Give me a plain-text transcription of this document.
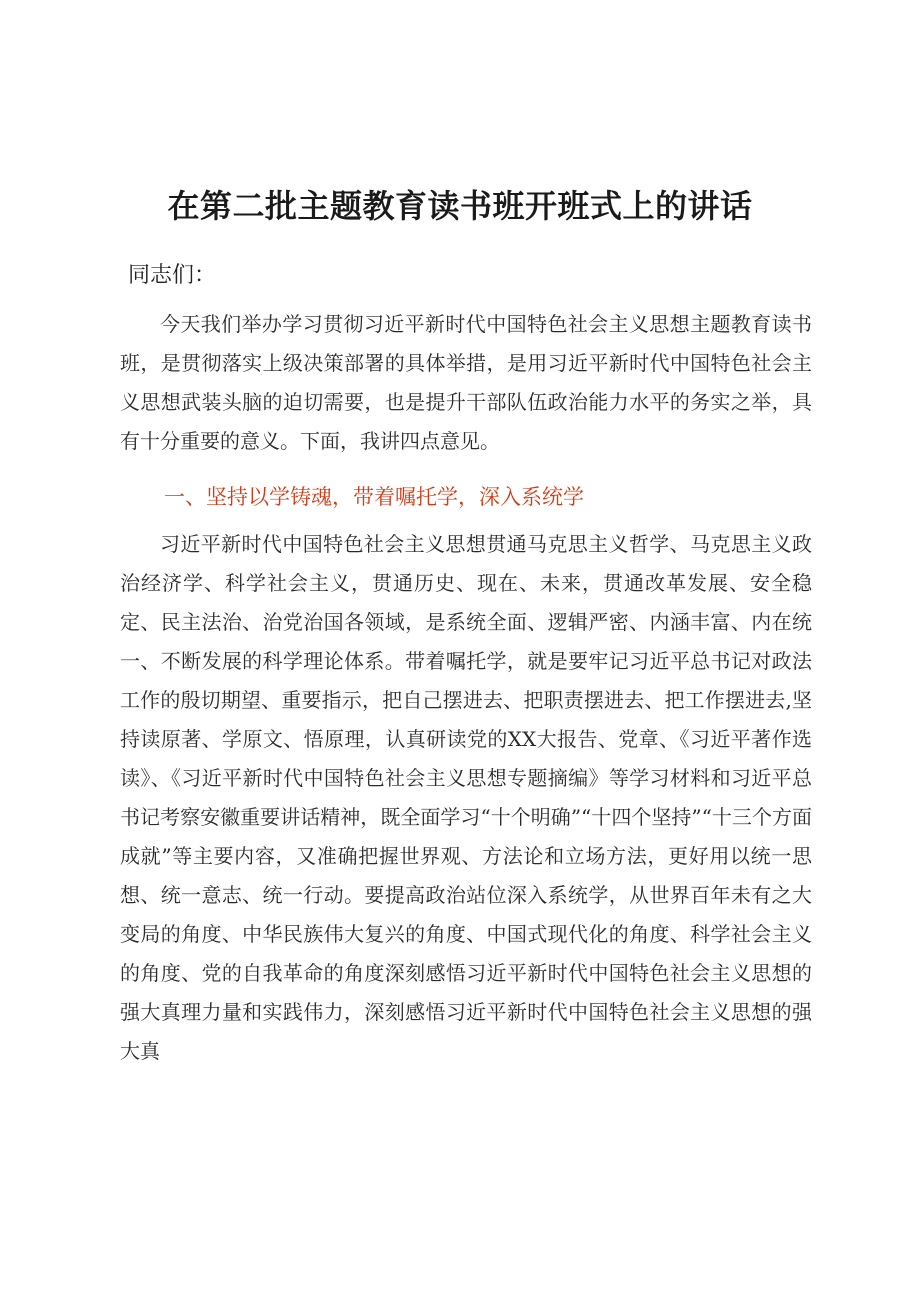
在第二批主题教育读书班开班式上的讲话
同志们：

今天我们举办学习贯彻习近平新时代中国特色社会主义思想主题教育读书班，是贯彻落实上级决策部署的具体举措，是用习近平新时代中国特色社会主义思想武装头脑的迫切需要，也是提升干部队伍政治能力水平的务实之举，具有十分重要的意义。下面，我讲四点意见。

一、坚持以学铸魂，带着嘱托学，深入系统学

习近平新时代中国特色社会主义思想贯通马克思主义哲学、马克思主义政治经济学、科学社会主义，贯通历史、现在、未来，贯通改革发展、安全稳定、民主法治、治党治国各领域，是系统全面、逻辑严密、内涵丰富、内在统一、不断发展的科学理论体系。带着嘱托学，就是要牢记习近平总书记对政法工作的殷切期望、重要指示，把自己摆进去、把职责摆进去、把工作摆进去,坚持读原著、学原文、悟原理，认真研读党的XX大报告、党章、《习近平著作选读》、《习近平新时代中国特色社会主义思想专题摘编》等学习材料和习近平总书记考察安徽重要讲话精神，既全面学习“十个明确”“十四个坚持”“十三个方面成就”等主要内容，又准确把握世界观、方法论和立场方法，更好用以统一思想、统一意志、统一行动。要提高政治站位深入系统学，从世界百年未有之大变局的角度、中华民族伟大复兴的角度、中国式现代化的角度、科学社会主义的角度、党的自我革命的角度深刻感悟习近平新时代中国特色社会主义思想的强大真理力量和实践伟力，深刻感悟习近平新时代中国特色社会主义思想的强大真
